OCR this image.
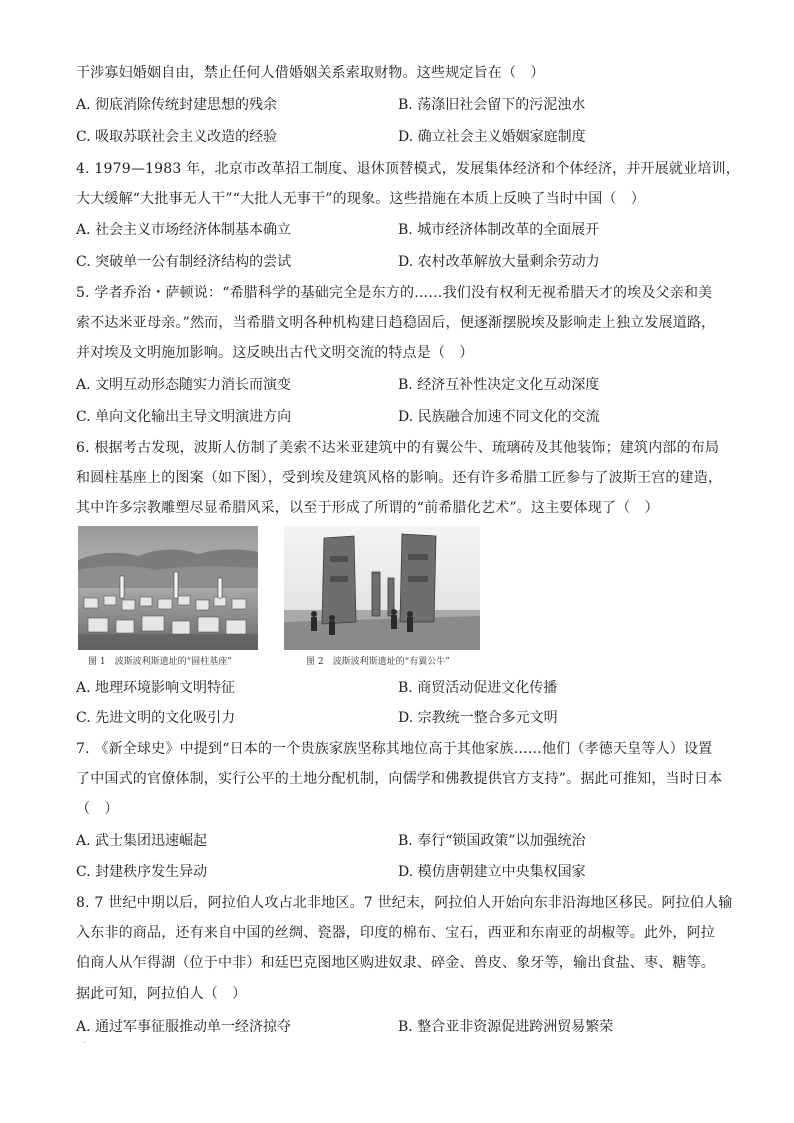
干涉寡妇婚姻自由，禁止任何人借婚姻关系索取财物。这些规定旨在（　）
A. 彻底消除传统封建思想的残余	B. 荡涤旧社会留下的污泥浊水
C. 吸取苏联社会主义改造的经验	D. 确立社会主义婚姻家庭制度
4. 1979—1983 年，北京市改革招工制度、退休顶替模式，发展集体经济和个体经济，并开展就业培训，
大大缓解“大批事无人干”“大批人无事干”的现象。这些措施在本质上反映了当时中国（　）
A. 社会主义市场经济体制基本确立	B. 城市经济体制改革的全面展开
C. 突破单一公有制经济结构的尝试	D. 农村改革解放大量剩余劳动力
5. 学者乔治・萨顿说：“希腊科学的基础完全是东方的……我们没有权利无视希腊天才的埃及父亲和美
索不达米亚母亲。”然而，当希腊文明各种机构建日趋稳固后，便逐渐摆脱埃及影响走上独立发展道路，
并对埃及文明施加影响。这反映出古代文明交流的特点是（　）
A. 文明互动形态随实力消长而演变	B. 经济互补性决定文化互动深度
C. 单向文化输出主导文明演进方向	D. 民族融合加速不同文化的交流
6. 根据考古发现，波斯人仿制了美索不达米亚建筑中的有翼公牛、琉璃砖及其他装饰；建筑内部的布局
和圆柱基座上的图案（如下图），受到埃及建筑风格的影响。还有许多希腊工匠参与了波斯王宫的建造，
其中许多宗教雕塑尽显希腊风采，以至于形成了所谓的“前希腊化艺术”。这主要体现了（　）
图 1　波斯波利斯遗址的“圆柱基座”	图 2　波斯波利斯遗址的“有翼公牛”
A. 地理环境影响文明特征	B. 商贸活动促进文化传播
C. 先进文明的文化吸引力	D. 宗教统一整合多元文明
7. 《新全球史》中提到“日本的一个贵族家族坚称其地位高于其他家族……他们（孝德天皇等人）设置
了中国式的官僚体制，实行公平的土地分配机制，向儒学和佛教提供官方支持”。据此可推知，当时日本
（　）
A. 武士集团迅速崛起	B. 奉行“锁国政策”以加强统治
C. 封建秩序发生异动	D. 模仿唐朝建立中央集权国家
8. 7 世纪中期以后，阿拉伯人攻占北非地区。7 世纪末，阿拉伯人开始向东非沿海地区移民。阿拉伯人输
入东非的商品，还有来自中国的丝绸、瓷器，印度的棉布、宝石，西亚和东南亚的胡椒等。此外，阿拉
伯商人从乍得湖（位于中非）和廷巴克图地区购进奴隶、碎金、兽皮、象牙等，输出食盐、枣、糖等。
据此可知，阿拉伯人（　）
A. 通过军事征服推动单一经济掠夺	B. 整合亚非资源促进跨洲贸易繁荣
·
